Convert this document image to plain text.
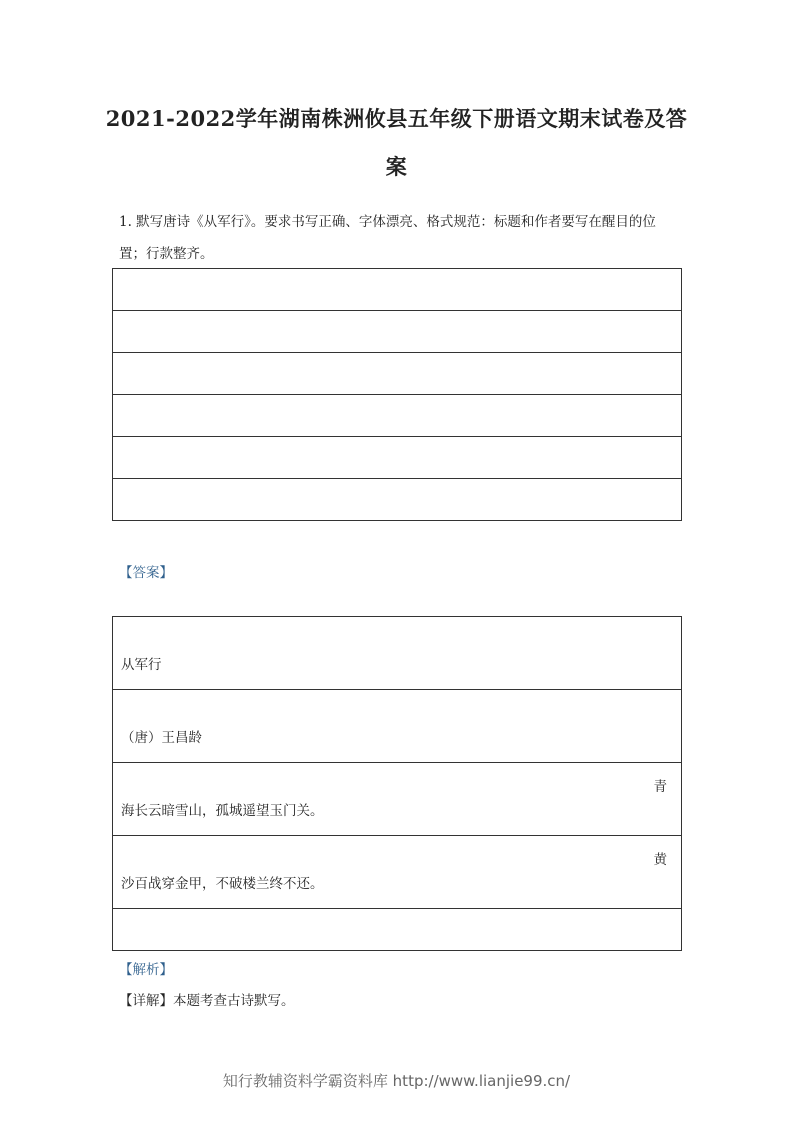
2021-2022学年湖南株洲攸县五年级下册语文期末试卷及答
案
1. 默写唐诗《从军行》。要求书写正确、字体漂亮、格式规范：标题和作者要写在醒目的位
置；行款整齐。
【答案】
从军行
（唐）王昌龄
青
海长云暗雪山，孤城遥望玉门关。
黄
沙百战穿金甲，不破楼兰终不还。
【解析】
【详解】本题考查古诗默写。
知行教辅资料学霸资料库 http://www.lianjie99.cn/
